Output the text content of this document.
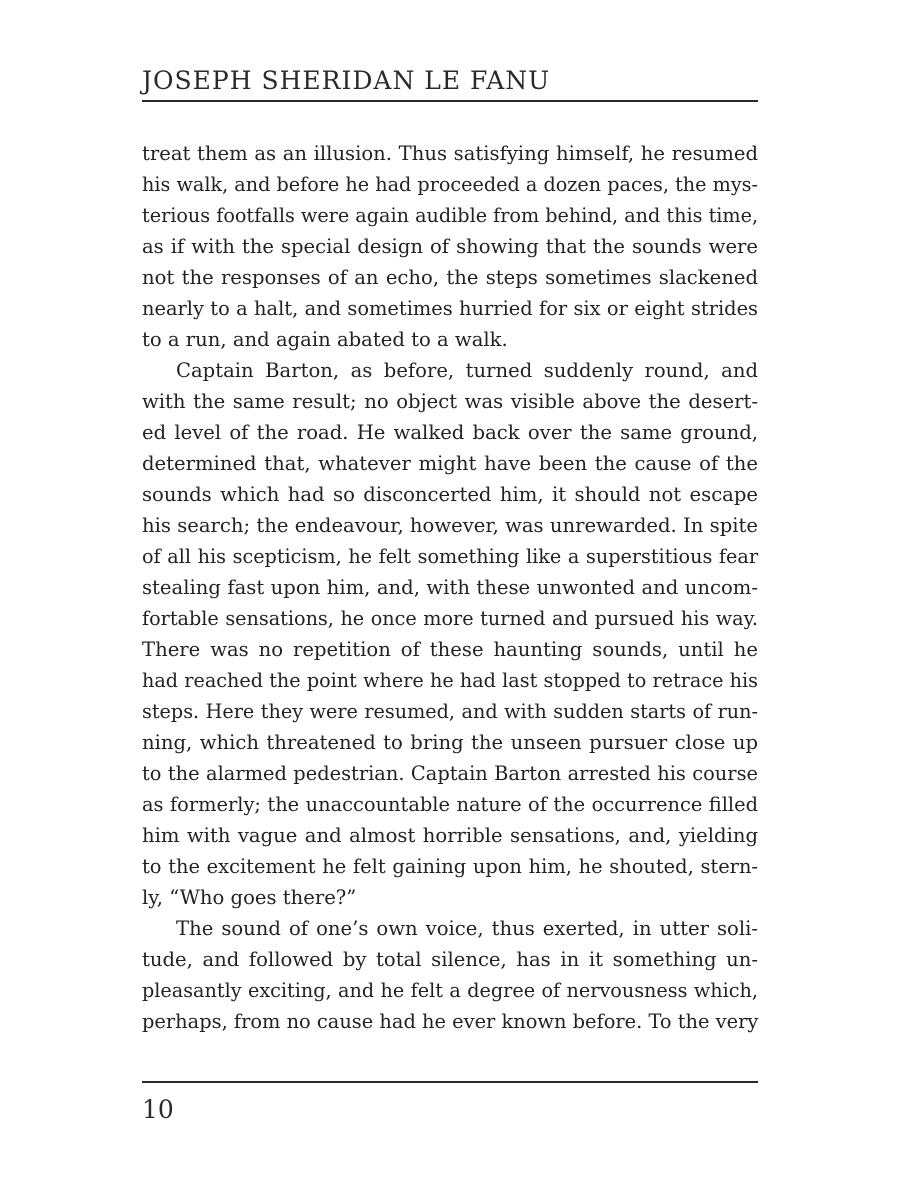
JOSEPH SHERIDAN LE FANU
treat them as an illusion. Thus satisfying himself, he resumed
his walk, and before he had proceeded a dozen paces, the mys-
terious footfalls were again audible from behind, and this time,
as if with the special design of showing that the sounds were
not the responses of an echo, the steps sometimes slackened
nearly to a halt, and sometimes hurried for six or eight strides
to a run, and again abated to a walk.
Captain Barton, as before, turned suddenly round, and
with the same result; no object was visible above the desert-
ed level of the road. He walked back over the same ground,
determined that, whatever might have been the cause of the
sounds which had so disconcerted him, it should not escape
his search; the endeavour, however, was unrewarded. In spite
of all his scepticism, he felt something like a superstitious fear
stealing fast upon him, and, with these unwonted and uncom-
fortable sensations, he once more turned and pursued his way.
There was no repetition of these haunting sounds, until he
had reached the point where he had last stopped to retrace his
steps. Here they were resumed, and with sudden starts of run-
ning, which threatened to bring the unseen pursuer close up
to the alarmed pedestrian. Captain Barton arrested his course
as formerly; the unaccountable nature of the occurrence filled
him with vague and almost horrible sensations, and, yielding
to the excitement he felt gaining upon him, he shouted, stern-
ly, “Who goes there?”
The sound of one’s own voice, thus exerted, in utter soli-
tude, and followed by total silence, has in it something un-
pleasantly exciting, and he felt a degree of nervousness which,
perhaps, from no cause had he ever known before. To the very
10
